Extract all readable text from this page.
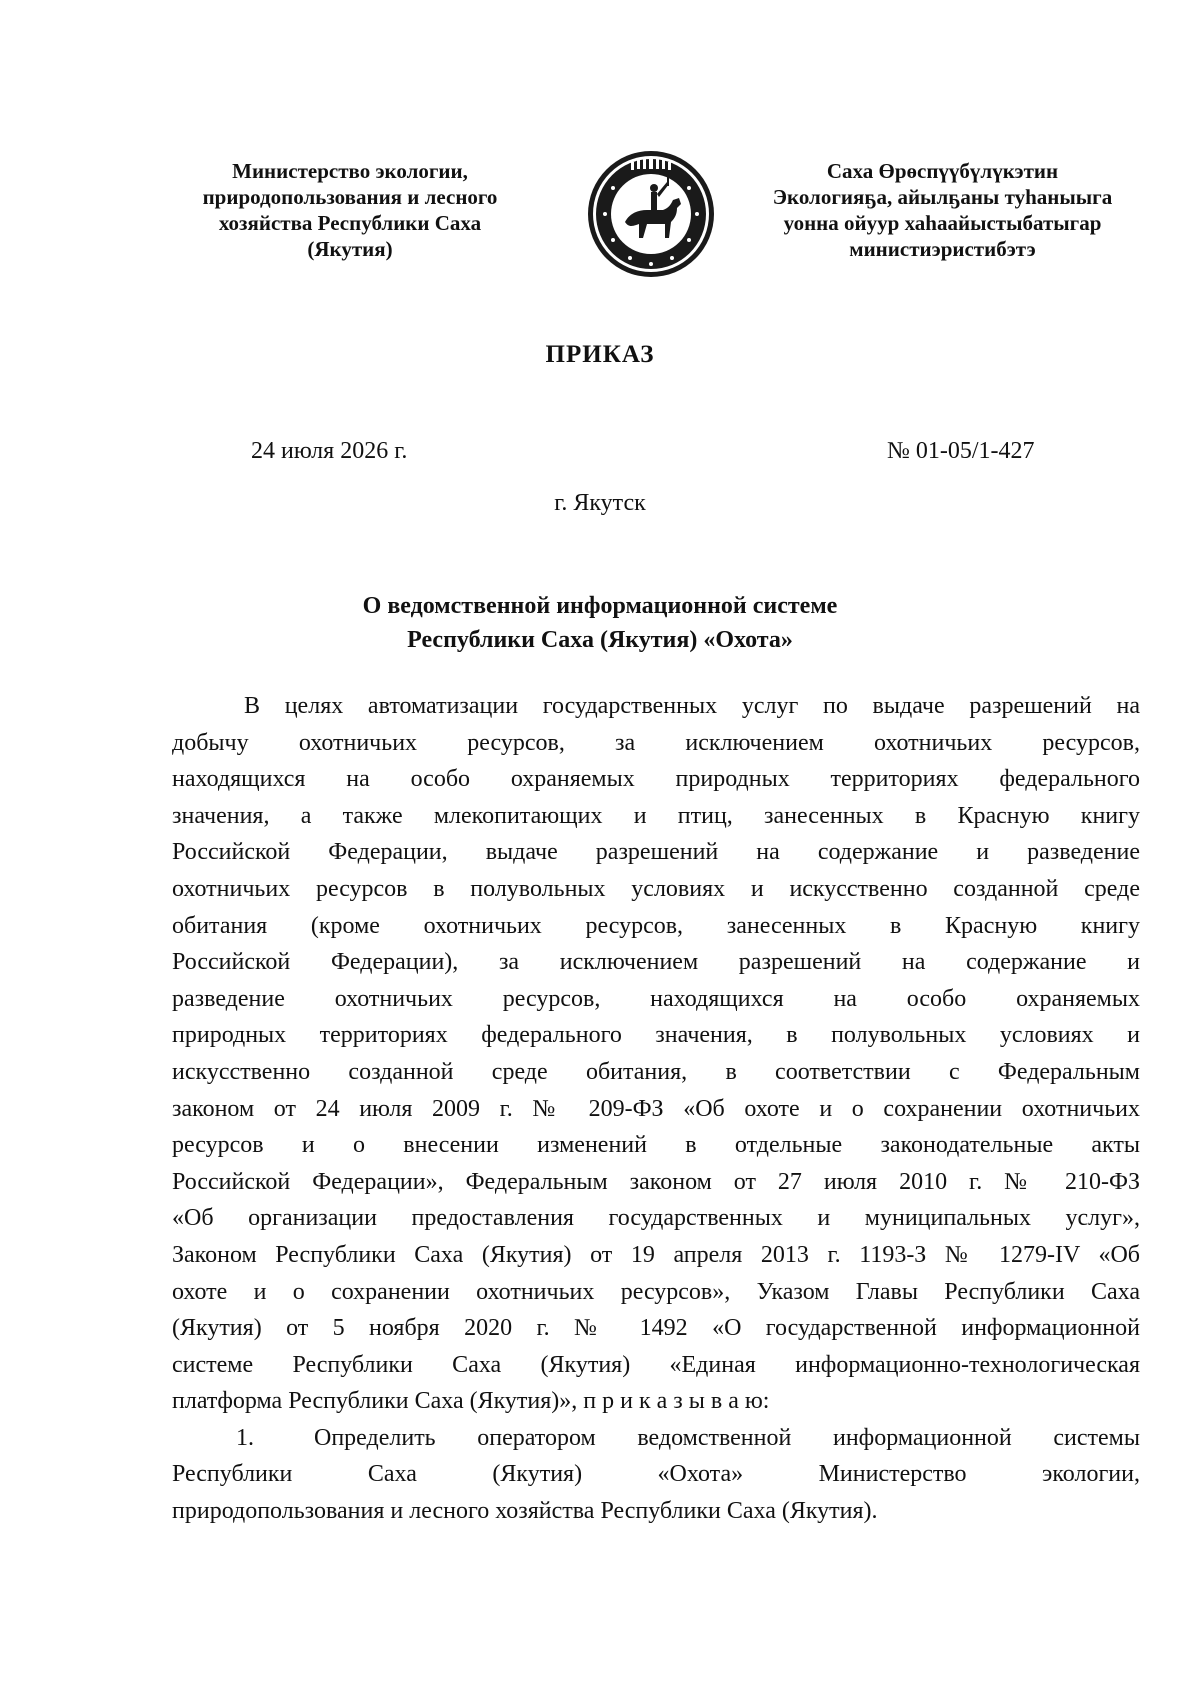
Министерство экологии,
природопользования и лесного
хозяйства Республики Саха
(Якутия)
Саха Өрөспүүбүлүкэтин
Экологияҕа, айылҕаны туһаныыга
уонна ойуур хаһаайыстыбатыгар
министиэристибэтэ
ПРИКАЗ
24 июля 2026 г.	№ 01-05/1-427
г. Якутск
О ведомственной информационной системе
Республики Саха (Якутия) «Охота»
В целях автоматизации государственных услуг по выдаче разрешений на
добычу охотничьих ресурсов, за исключением охотничьих ресурсов,
находящихся на особо охраняемых природных территориях федерального
значения, а также млекопитающих и птиц, занесенных в Красную книгу
Российской Федерации, выдаче разрешений на содержание и разведение
охотничьих ресурсов в полувольных условиях и искусственно созданной среде
обитания (кроме охотничьих ресурсов, занесенных в Красную книгу
Российской Федерации), за исключением разрешений на содержание и
разведение охотничьих ресурсов, находящихся на особо охраняемых
природных территориях федерального значения, в полувольных условиях и
искусственно созданной среде обитания, в соответствии с Федеральным
законом от 24 июля 2009 г. № 209-ФЗ «Об охоте и о сохранении охотничьих
ресурсов и о внесении изменений в отдельные законодательные акты
Российской Федерации», Федеральным законом от 27 июля 2010 г. № 210-ФЗ
«Об организации предоставления государственных и муниципальных услуг»,
Законом Республики Саха (Якутия) от 19 апреля 2013 г. 1193-З № 1279-IV «Об
охоте и о сохранении охотничьих ресурсов», Указом Главы Республики Саха
(Якутия) от 5 ноября 2020 г. № 1492 «О государственной информационной
системе Республики Саха (Якутия) «Единая информационно-технологическая
платформа Республики Саха (Якутия)», п р и к а з ы в а ю:
1.	Определить оператором ведомственной информационной системы
Республики Саха (Якутия) «Охота» Министерство экологии,
природопользования и лесного хозяйства Республики Саха (Якутия).
